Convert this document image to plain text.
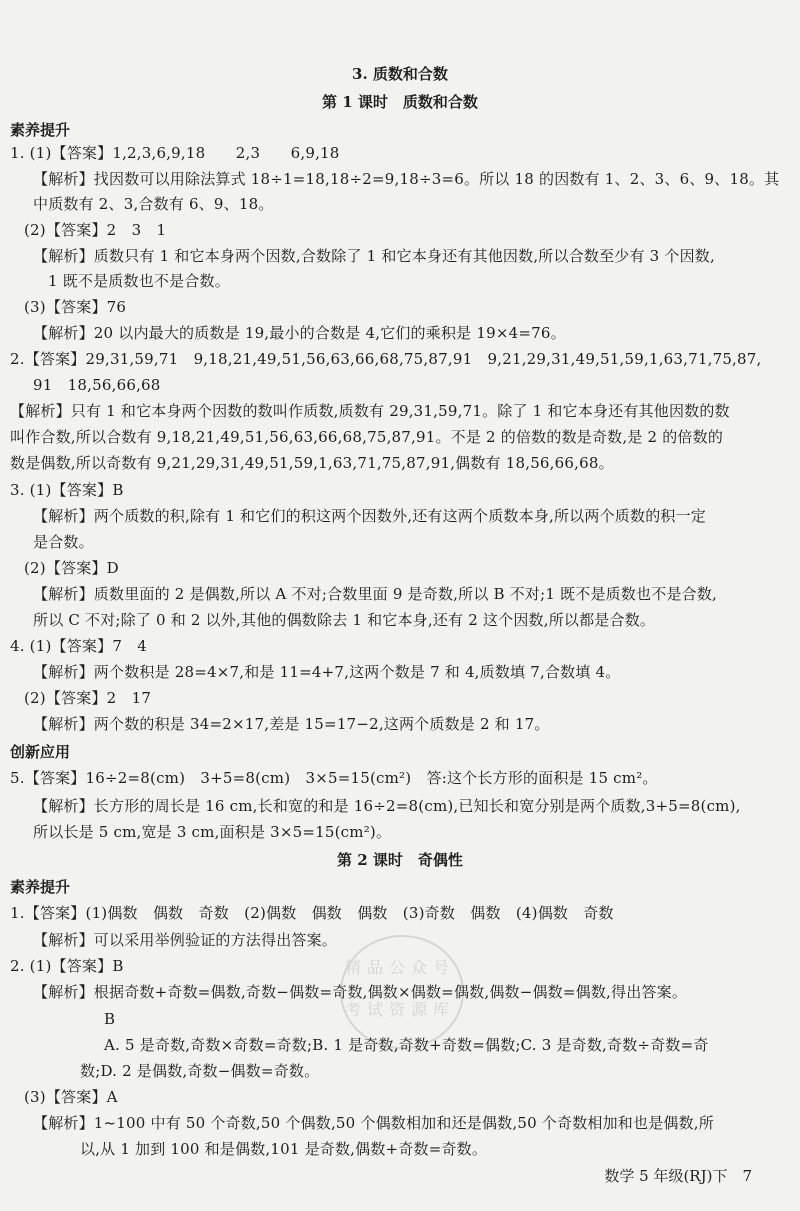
3. 质数和合数
第 1 课时　质数和合数
素养提升
1. (1)【答案】1,2,3,6,9,18　　2,3　　6,9,18
【解析】找因数可以用除法算式 18÷1=18,18÷2=9,18÷3=6。所以 18 的因数有 1、2、3、6、9、18。其
中质数有 2、3,合数有 6、9、18。
(2)【答案】2　3　1
【解析】质数只有 1 和它本身两个因数,合数除了 1 和它本身还有其他因数,所以合数至少有 3 个因数,
1 既不是质数也不是合数。
(3)【答案】76
【解析】20 以内最大的质数是 19,最小的合数是 4,它们的乘积是 19×4=76。
2.【答案】29,31,59,71　9,18,21,49,51,56,63,66,68,75,87,91　9,21,29,31,49,51,59,1,63,71,75,87,
91　18,56,66,68
【解析】只有 1 和它本身两个因数的数叫作质数,质数有 29,31,59,71。除了 1 和它本身还有其他因数的数
叫作合数,所以合数有 9,18,21,49,51,56,63,66,68,75,87,91。不是 2 的倍数的数是奇数,是 2 的倍数的
数是偶数,所以奇数有 9,21,29,31,49,51,59,1,63,71,75,87,91,偶数有 18,56,66,68。
3. (1)【答案】B
【解析】两个质数的积,除有 1 和它们的积这两个因数外,还有这两个质数本身,所以两个质数的积一定
是合数。
(2)【答案】D
【解析】质数里面的 2 是偶数,所以 A 不对;合数里面 9 是奇数,所以 B 不对;1 既不是质数也不是合数,
所以 C 不对;除了 0 和 2 以外,其他的偶数除去 1 和它本身,还有 2 这个因数,所以都是合数。
4. (1)【答案】7　4
【解析】两个数积是 28=4×7,和是 11=4+7,这两个数是 7 和 4,质数填 7,合数填 4。
(2)【答案】2　17
【解析】两个数的积是 34=2×17,差是 15=17−2,这两个质数是 2 和 17。
创新应用
5.【答案】16÷2=8(cm)　3+5=8(cm)　3×5=15(cm²)　答:这个长方形的面积是 15 cm²。
【解析】长方形的周长是 16 cm,长和宽的和是 16÷2=8(cm),已知长和宽分别是两个质数,3+5=8(cm),
所以长是 5 cm,宽是 3 cm,面积是 3×5=15(cm²)。
第 2 课时　奇偶性
素养提升
1.【答案】(1)偶数　偶数　奇数　(2)偶数　偶数　偶数　(3)奇数　偶数　(4)偶数　奇数
【解析】可以采用举例验证的方法得出答案。
2. (1)【答案】B
【解析】根据奇数+奇数=偶数,奇数−偶数=奇数,偶数×偶数=偶数,偶数−偶数=偶数,得出答案。
B
A. 5 是奇数,奇数×奇数=奇数;B. 1 是奇数,奇数+奇数=偶数;C. 3 是奇数,奇数÷奇数=奇
数;D. 2 是偶数,奇数−偶数=奇数。
(3)【答案】A
【解析】1~100 中有 50 个奇数,50 个偶数,50 个偶数相加和还是偶数,50 个奇数相加和也是偶数,所
以,从 1 加到 100 和是偶数,101 是奇数,偶数+奇数=奇数。
数学 5 年级(RJ)下　7
精品公众号
考试资源库
